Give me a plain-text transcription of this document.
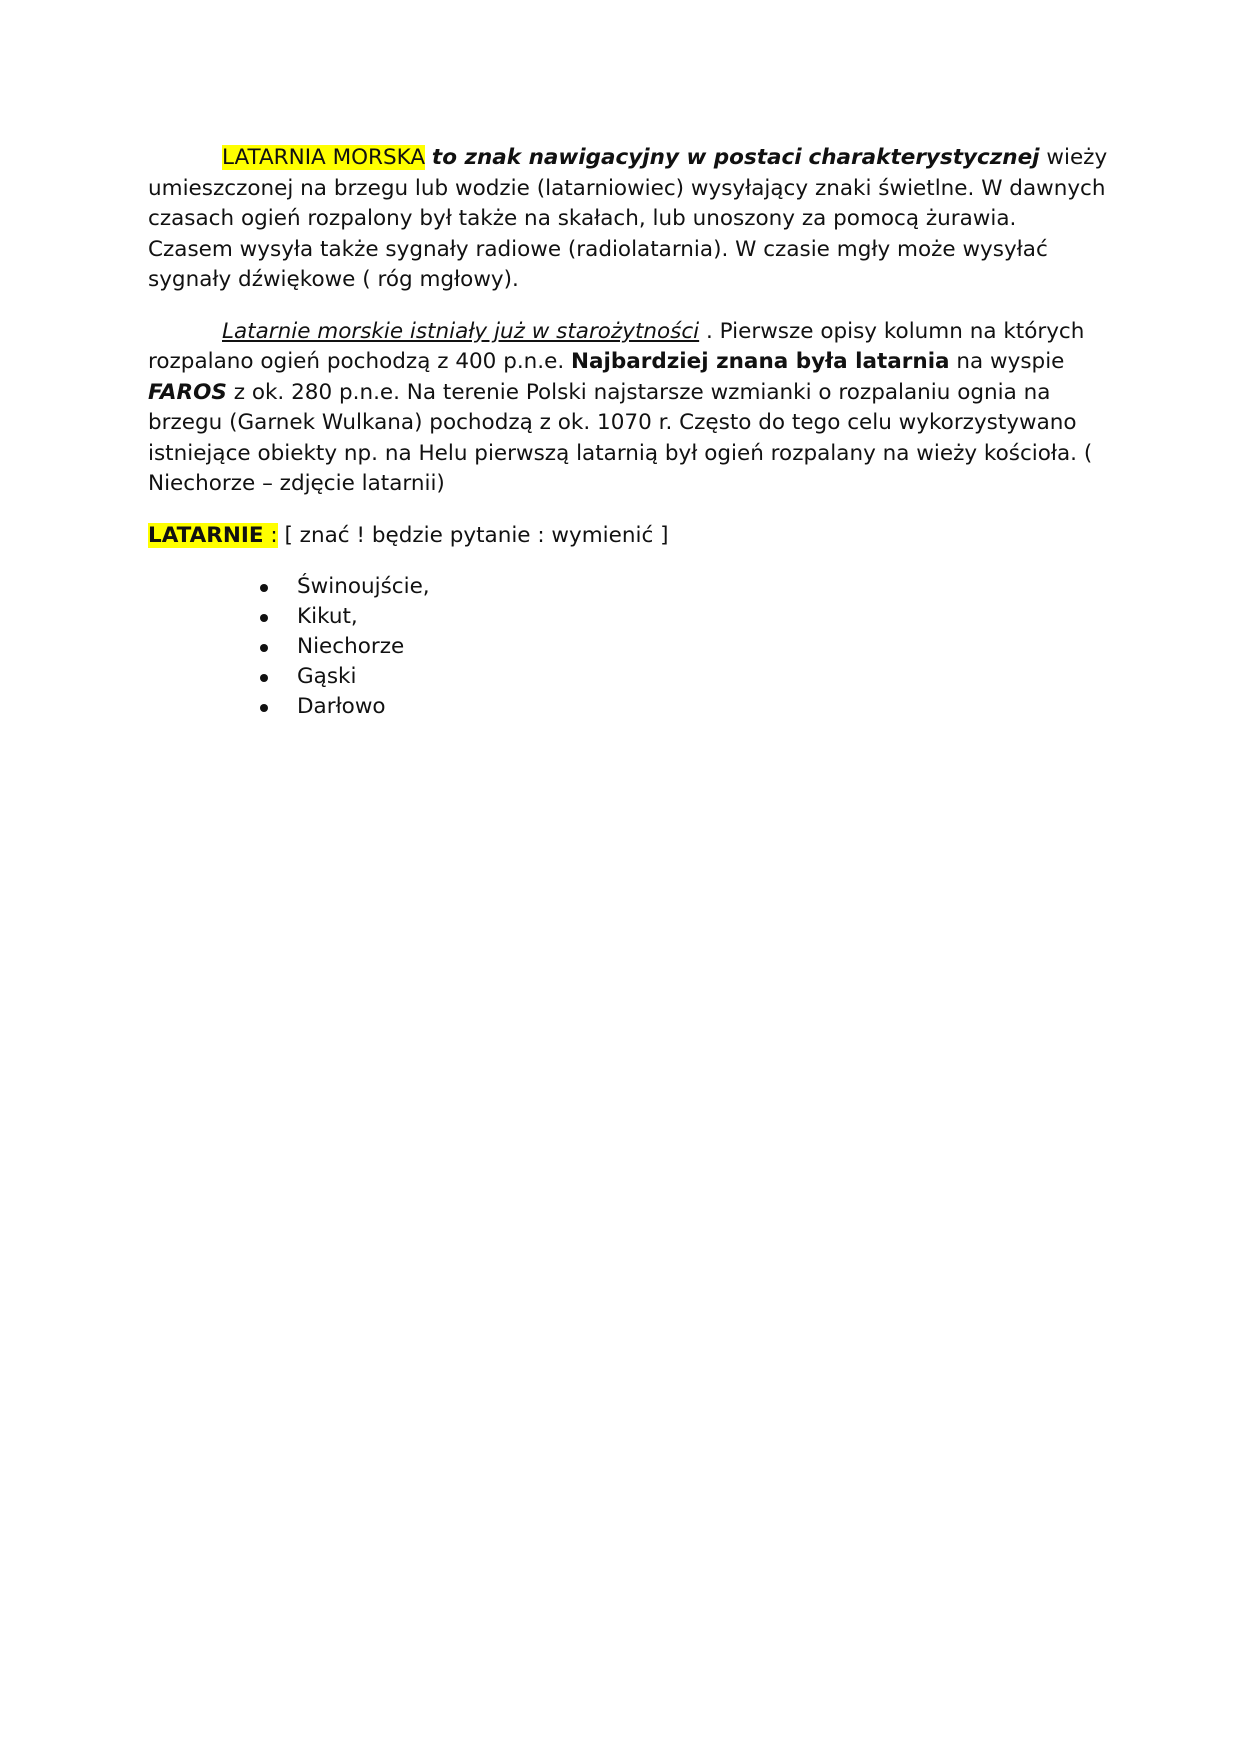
LATARNIA MORSKA to znak nawigacyjny w postaci charakterystycznej wieży umieszczonej na brzegu lub wodzie (latarniowiec) wysyłający znaki świetlne. W dawnych czasach ogień rozpalony był także na skałach, lub unoszony za pomocą żurawia. Czasem wysyła także sygnały radiowe (radiolatarnia). W czasie mgły może wysyłać sygnały dźwiękowe ( róg mgłowy).

Latarnie morskie istniały już w starożytności . Pierwsze opisy kolumn na których rozpalano ogień pochodzą z 400 p.n.e. Najbardziej znana była latarnia na wyspie FAROS z ok. 280 p.n.e. Na terenie Polski najstarsze wzmianki o rozpalaniu ognia na brzegu (Garnek Wulkana) pochodzą z ok. 1070 r. Często do tego celu wykorzystywano istniejące obiekty np. na Helu pierwszą latarnią był ogień rozpalany na wieży kościoła. ( Niechorze – zdjęcie latarnii)

LATARNIE : [ znać ! będzie pytanie : wymienić ]

Świnoujście,
Kikut,
Niechorze
Gąski
Darłowo
